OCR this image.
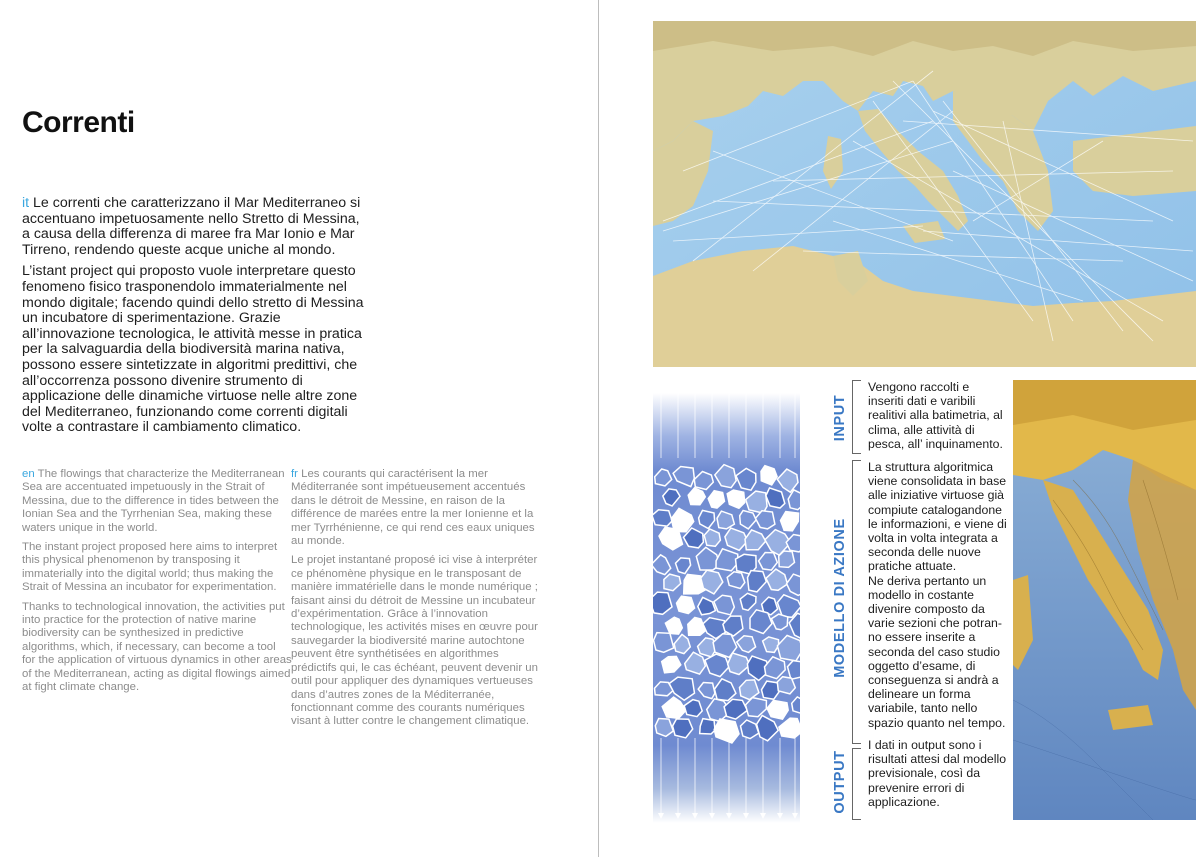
Correnti

it Le correnti che caratterizzano il Mar Mediterraneo si accentuano impetuosamente nello Stretto di Messina, a causa della differenza di maree fra Mar Ionio e Mar Tirreno, rendendo queste acque uniche al mondo.

L’istant project qui proposto vuole interpretare questo fenomeno fisico trasponendolo immaterialmente nel mondo digitale; facendo quindi dello stretto di Messina un incubatore di sperimentazione. Grazie all’innovazione tecnologica, le attività messe in pratica per la salvaguardia della biodiversità marina nativa, possono essere sintetizzate in algoritmi predittivi, che all’occorrenza possono divenire strumento di applicazione delle dinamiche virtuose nelle altre zone del Mediterraneo, funzionando come correnti digitali volte a contrastare il cambiamento climatico.

en The flowings that characterize the Mediterranean Sea are accentuated impetuously in the Strait of Messina, due to the difference in tides between the Ionian Sea and the Tyrrhenian Sea, making these waters unique in the world.

The instant project proposed here aims to interpret this physical phenomenon by transposing it immaterially into the digital world; thus making the Strait of Messina an incubator for experimentation.

Thanks to technological innovation, the activities put into practice for the protection of native marine biodiversity can be synthesized in predictive algorithms, which, if necessary, can become a tool for the application of virtuous dynamics in other areas of the Mediterranean, acting as digital flowings aimed at fight climate change.

fr Les courants qui caractérisent la mer Méditerranée sont impétueusement accentués dans le détroit de Messine, en raison de la différence de marées entre la mer Ionienne et la mer Tyrrhénienne, ce qui rend ces eaux uniques au monde.

Le projet instantané proposé ici vise à interpréter ce phénomène physique en le transposant de manière immatérielle dans le monde numérique ; faisant ainsi du détroit de Messine un incubateur d’expérimentation. Grâce à l’innovation technologique, les activités mises en œuvre pour sauvegarder la biodiversité marine autochtone peuvent être synthétisées en algorithmes prédictifs qui, le cas échéant, peuvent devenir un outil pour appliquer des dynamiques vertueuses dans d’autres zones de la Méditerranée, fonctionnant comme des courants numériques visant à lutter contre le changement climatique.

INPUT
MODELLO DI AZIONE
OUTPUT

Vengono raccolti e inseriti dati e varibili realitivi alla batimetria, al clima, alle attività di pesca, all’ inquinamento.

La struttura algoritmica viene consolidata in base alle iniziative virtuose già compiute catalogandone le informazioni, e viene di volta in volta integrata a seconda delle nuove pratiche attuate.

Ne deriva pertanto un modello in costante divenire composto da varie sezioni che potran-no essere inserite a seconda del caso studio oggetto d’esame, di conseguenza si andrà a delineare un forma variabile, tanto nello spazio quanto nel tempo.

I dati in output sono i risultati attesi dal modello previsionale, così da prevenire errori di applicazione.
